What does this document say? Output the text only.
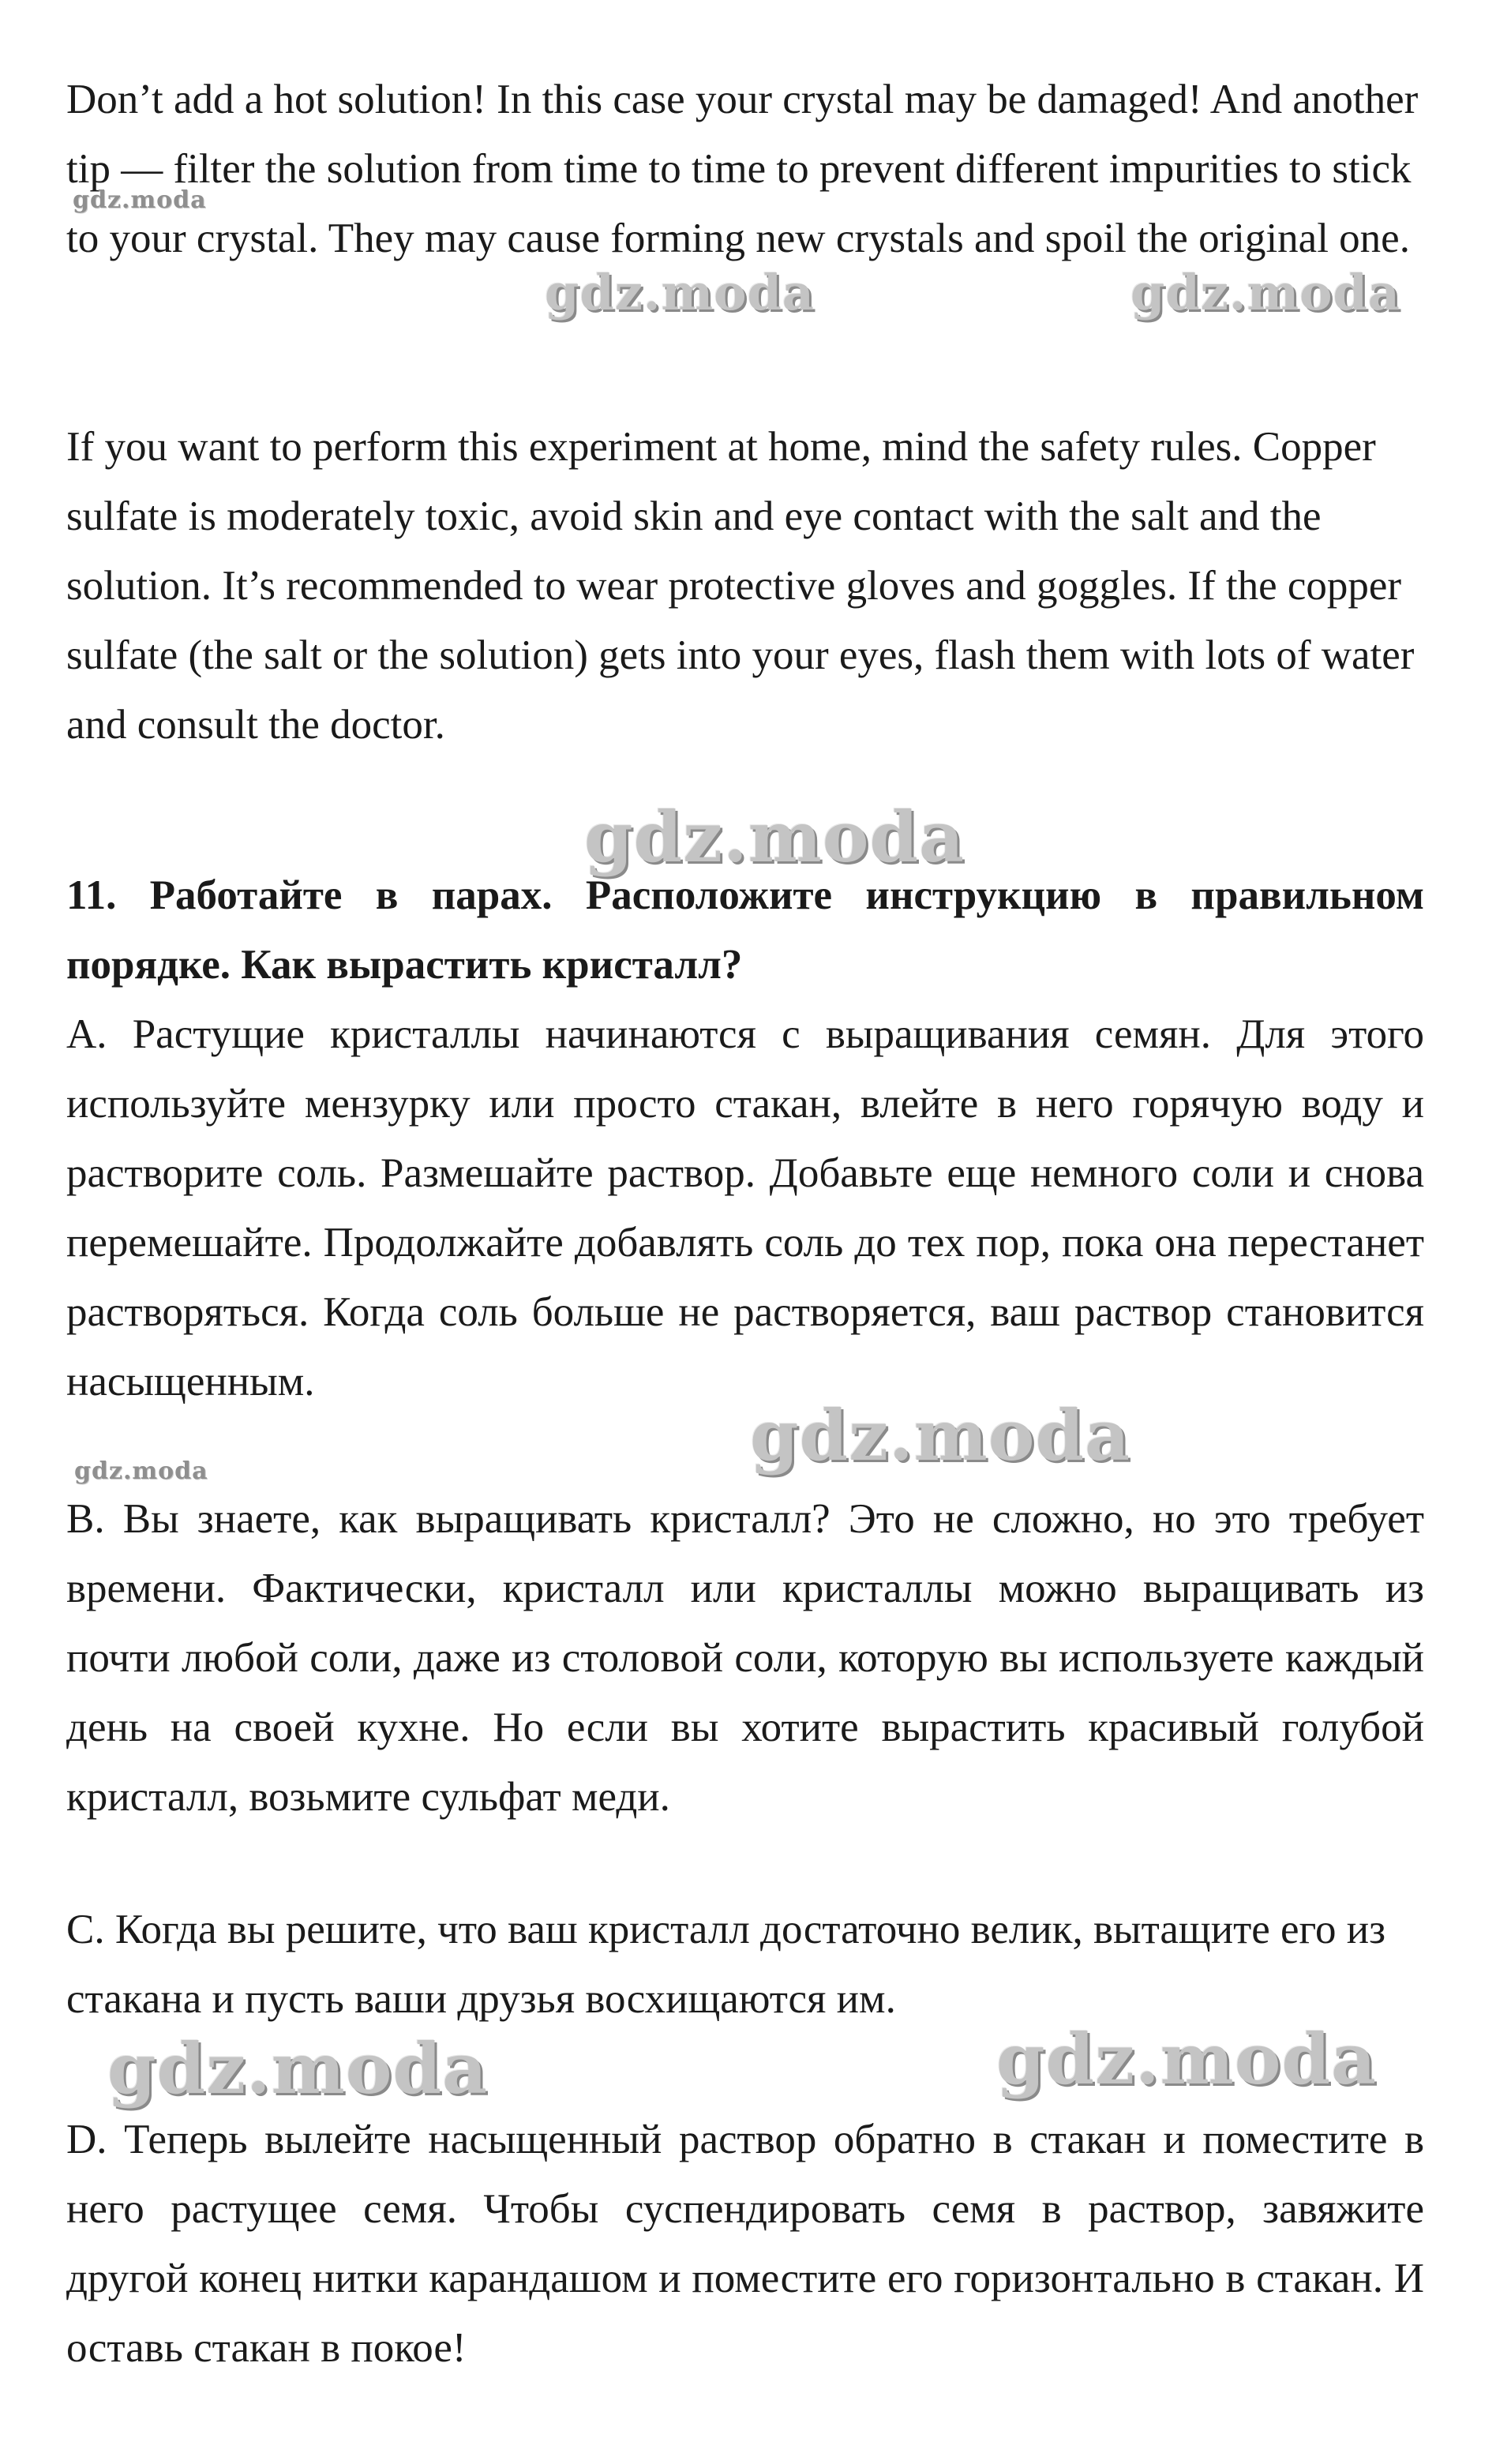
Don’t add a hot solution! In this case your crystal may be damaged! And another tip — filter the solution from time to time to prevent different impurities to stick to your crystal. They may cause forming new crystals and spoil the original one.

If you want to perform this experiment at home, mind the safety rules. Copper sulfate is moderately toxic, avoid skin and eye contact with the salt and the solution. It’s recommended to wear protective gloves and goggles. If the copper sulfate (the salt or the solution) gets into your eyes, flash them with lots of water and consult the doctor.

11. Работайте в парах. Расположите инструкцию в правильном порядке. Как вырастить кристалл?

A. Растущие кристаллы начинаются с выращивания семян. Для этого используйте мензурку или просто стакан, влейте в него горячую воду и растворите соль. Размешайте раствор. Добавьте еще немного соли и снова перемешайте. Продолжайте добавлять соль до тех пор, пока она перестанет растворяться. Когда соль больше не растворяется, ваш раствор становится насыщенным.

B. Вы знаете, как выращивать кристалл? Это не сложно, но это требует времени. Фактически, кристалл или кристаллы можно выращивать из почти любой соли, даже из столовой соли, которую вы используете каждый день на своей кухне. Но если вы хотите вырастить красивый голубой кристалл, возьмите сульфат меди.

C. Когда вы решите, что ваш кристалл достаточно велик, вытащите его из стакана и пусть ваши друзья восхищаются им.

D. Теперь вылейте насыщенный раствор обратно в стакан и поместите в него растущее семя. Чтобы суспендировать семя в раствор, завяжите другой конец нитки карандашом и поместите его горизонтально в стакан. И оставь стакан в покое!

gdz.moda
gdz.moda	gdz.moda
gdz.moda
gdz.moda
gdz.moda
gdz.moda	gdz.moda
